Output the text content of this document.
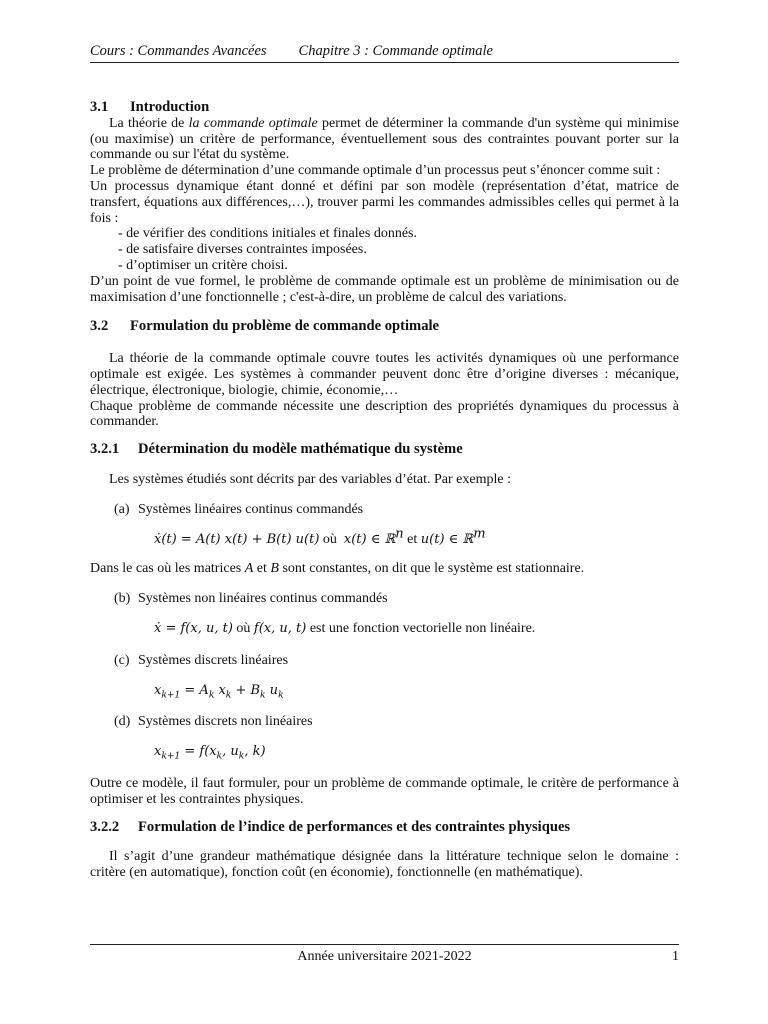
Cours : Commandes Avancées Chapitre 3 : Commande optimale
3.1 Introduction

La théorie de la commande optimale permet de déterminer la commande d'un système qui minimise (ou maximise) un critère de performance, éventuellement sous des contraintes pouvant porter sur la commande ou sur l'état du système.

Le problème de détermination d’une commande optimale d’un processus peut s’énoncer comme suit :

Un processus dynamique étant donné et défini par son modèle (représentation d’état, matrice de transfert, équations aux différences,…), trouver parmi les commandes admissibles celles qui permet à la fois :

- de vérifier des conditions initiales et finales donnés.
- de satisfaire diverses contraintes imposées.
- d’optimiser un critère choisi.

D’un point de vue formel, le problème de commande optimale est un problème de minimisation ou de maximisation d’une fonctionnelle ; c'est-à-dire, un problème de calcul des variations.

3.2 Formulation du problème de commande optimale

La théorie de la commande optimale couvre toutes les activités dynamiques où une performance optimale est exigée. Les systèmes à commander peuvent donc être d’origine diverses : mécanique, électrique, électronique, biologie, chimie, économie,…

Chaque problème de commande nécessite une description des propriétés dynamiques du processus à commander.

3.2.1 Détermination du modèle mathématique du système

Les systèmes étudiés sont décrits par des variables d’état. Par exemple :

(a) Systèmes linéaires continus commandés

ẋ(t) = A(t) x(t) + B(t) u(t) où x(t) ∈ ℝ$^n$ et u(t) ∈ ℝ$^m$

Dans le cas où les matrices A et B sont constantes, on dit que le système est stationnaire.

(b) Systèmes non linéaires continus commandés

ẋ = f(x, u, t) où f(x, u, t) est une fonction vectorielle non linéaire.

(c) Systèmes discrets linéaires

$x_{k+1} = A_k$ $x_k + B_k$ $u_k$

(d) Systèmes discrets non linéaires

$x_{k+1} = f(x_k$, $u_k$, k)

Outre ce modèle, il faut formuler, pour un problème de commande optimale, le critère de performance à optimiser et les contraintes physiques.

3.2.2 Formulation de l’indice de performances et des contraintes physiques

Il s’agit d’une grandeur mathématique désignée dans la littérature technique selon le domaine : critère (en automatique), fonction coût (en économie), fonctionnelle (en mathématique).

Année universitaire 2021-2022	1
